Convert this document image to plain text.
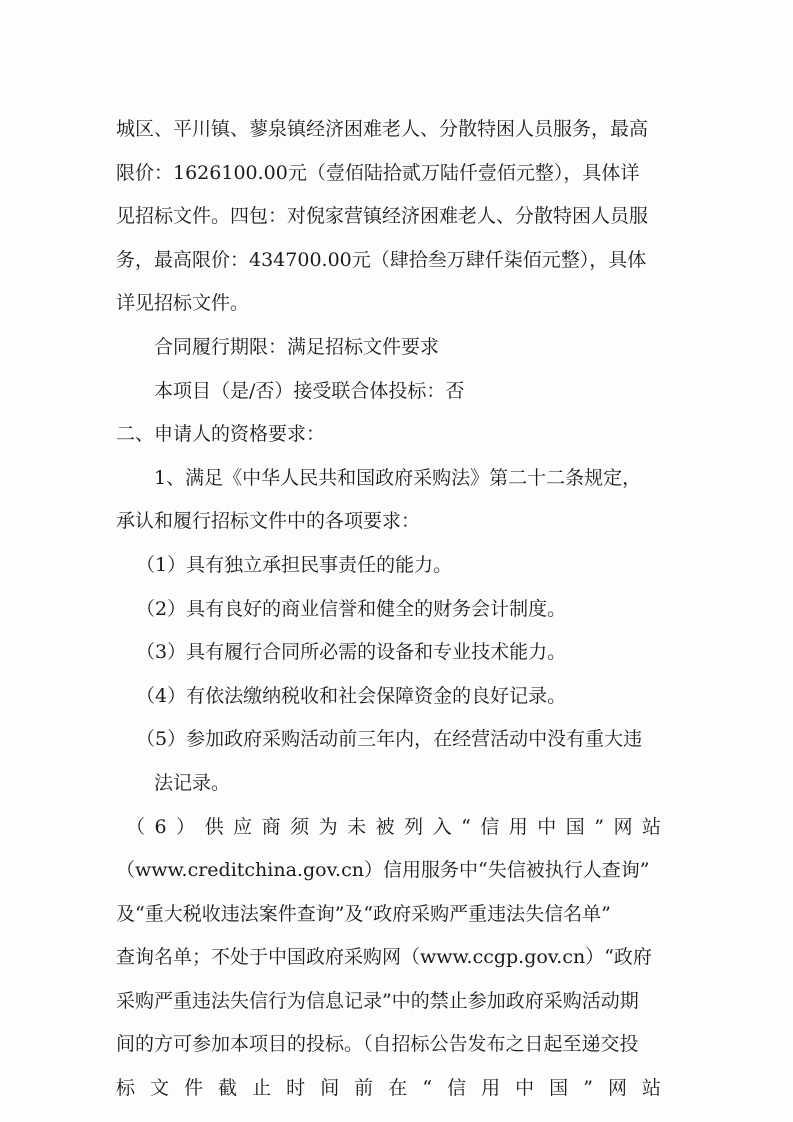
城区、平川镇、蓼泉镇经济困难老人、分散特困人员服务，最高
限价：1626100.00元（壹佰陆拾贰万陆仟壹佰元整），具体详
见招标文件。四包：对倪家营镇经济困难老人、分散特困人员服
务，最高限价：434700.00元（肆拾叁万肆仟柒佰元整），具体
详见招标文件。
合同履行期限：满足招标文件要求
本项目（是/否）接受联合体投标：否
二、申请人的资格要求：
1、满足《中华人民共和国政府采购法》第二十二条规定，
承认和履行招标文件中的各项要求：
（1）具有独立承担民事责任的能力。
（2）具有良好的商业信誉和健全的财务会计制度。
（3）具有履行合同所必需的设备和专业技术能力。
（4）有依法缴纳税收和社会保障资金的良好记录。
（5）参加政府采购活动前三年内，在经营活动中没有重大违
法记录。
（6）供应商须为未被列入“信用中国”网站
（www.creditchina.gov.cn）信用服务中“失信被执行人查询”
及“重大税收违法案件查询”及“政府采购严重违法失信名单”
查询名单；不处于中国政府采购网（www.ccgp.gov.cn）“政府
采购严重违法失信行为信息记录”中的禁止参加政府采购活动期
间的方可参加本项目的投标。（自招标公告发布之日起至递交投
标文件截止时间前在“信用中国”网站
